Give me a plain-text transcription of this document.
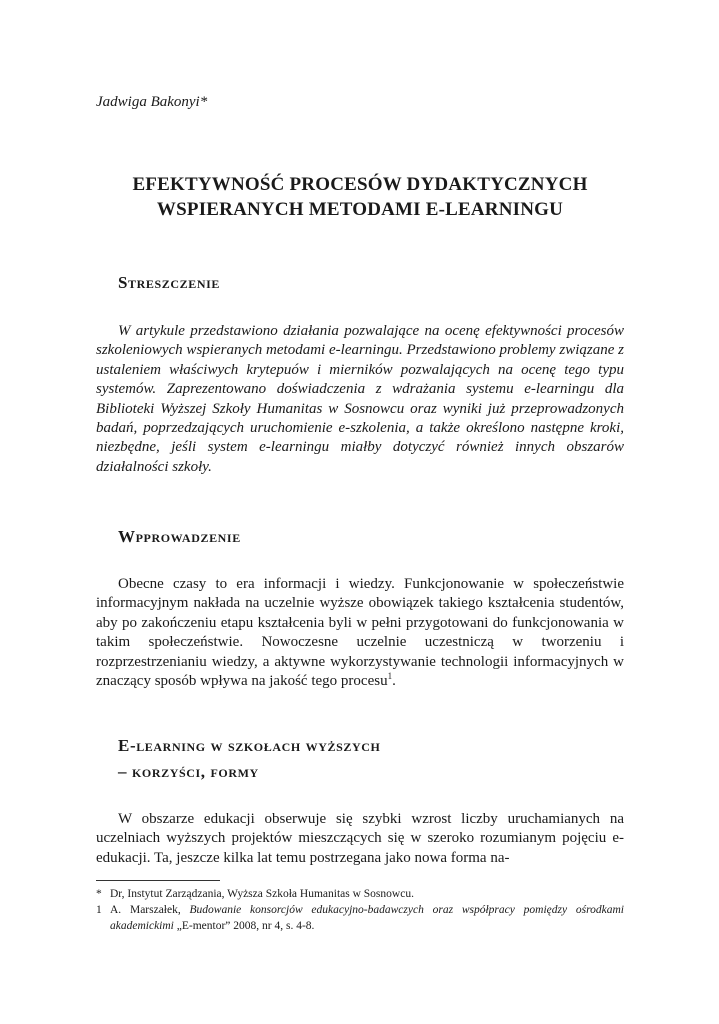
Jadwiga Bakonyi*
EFEKTYWNOŚĆ PROCESÓW DYDAKTYCZNYCH
WSPIERANYCH METODAMI E-LEARNINGU
Streszczenie

W artykule przedstawiono działania pozwalające na ocenę efektywności procesów szkoleniowych wspieranych metodami e-learningu. Przedstawiono problemy związane z ustaleniem właściwych krytериów i mierników pozwalających na ocenę tego typu systemów. Zaprezentowano doświadczenia z wdrażania systemu e-learningu dla Biblioteki Wyższej Szkoły Humanitas w Sosnowcu oraz wyniki już przeprowadzonych badań, poprzedzających uruchomienie e-szkolenia, a także określono następne kroki, niezbędne, jeśli system e-learningu miałby dotyczyć również innych obszarów działalności szkoły.

Wpprowadzenie

Obecne czasy to era informacji i wiedzy. Funkcjonowanie w społeczeństwie informacyjnym nakłada na uczelnie wyższe obowiązek takiego kształcenia studentów, aby po zakończeniu etapu kształcenia byli w pełni przygotowani do funkcjonowania w takim społeczeństwie. Nowoczesne uczelnie uczestniczą w tworzeniu i rozprzestrzenianiu wiedzy, a aktywne wykorzystywanie technologii informacyjnych w znaczący sposób wpływa na jakość tego procesu$^1$.

E-learning w szkołach wyższych
– korzyści, formy

W obszarze edukacji obserwuje się szybki wzrost liczby uruchamianych na uczelniach wyższych projektów mieszczących się w szeroko rozumianym pojęciu e-edukacji. Ta, jeszcze kilka lat temu postrzegana jako nowa forma na-

* Dr, Instytut Zarządzania, Wyższa Szkoła Humanitas w Sosnowcu.
1 A. Marszałek, Budowanie konsorcjów edukacyjno-badawczych oraz współpracy pomiędzy ośrodkami akademickimi „E-mentor” 2008, nr 4, s. 4-8.
